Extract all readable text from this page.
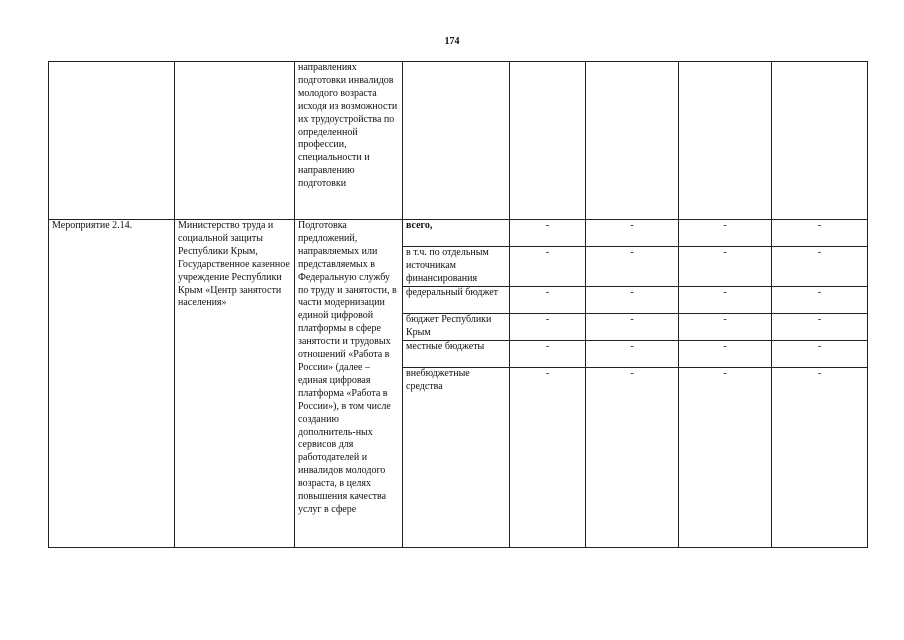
174
		направлениях подготовки инвалидов молодого возраста исходя из возможности их трудоустройства по определенной профессии, специальности и направлению подготовки					
Мероприятие 2.14.	Министерство труда и социальной защиты Республики Крым, Государственное казенное учреждение Республики Крым «Центр занятости населения»	Подготовка предложений, направляемых или представляемых в Федеральную службу по труду и занятости, в части модернизации единой цифровой платформы в сфере занятости и трудовых отношений «Работа в России» (далее – единая цифровая платформа «Работа в России»), в том числе созданию дополнитель-ных сервисов для работодателей и инвалидов молодого возраста, в целях повышения качества услуг в сфере	всего,	-	-	-	-
			в т.ч. по отдельным источникам финансирования	-	-	-	-
			федеральный бюджет	-	-	-	-
			бюджет Республики Крым	-	-	-	-
			местные бюджеты	-	-	-	-
			внебюджетные средства	-	-	-	-
